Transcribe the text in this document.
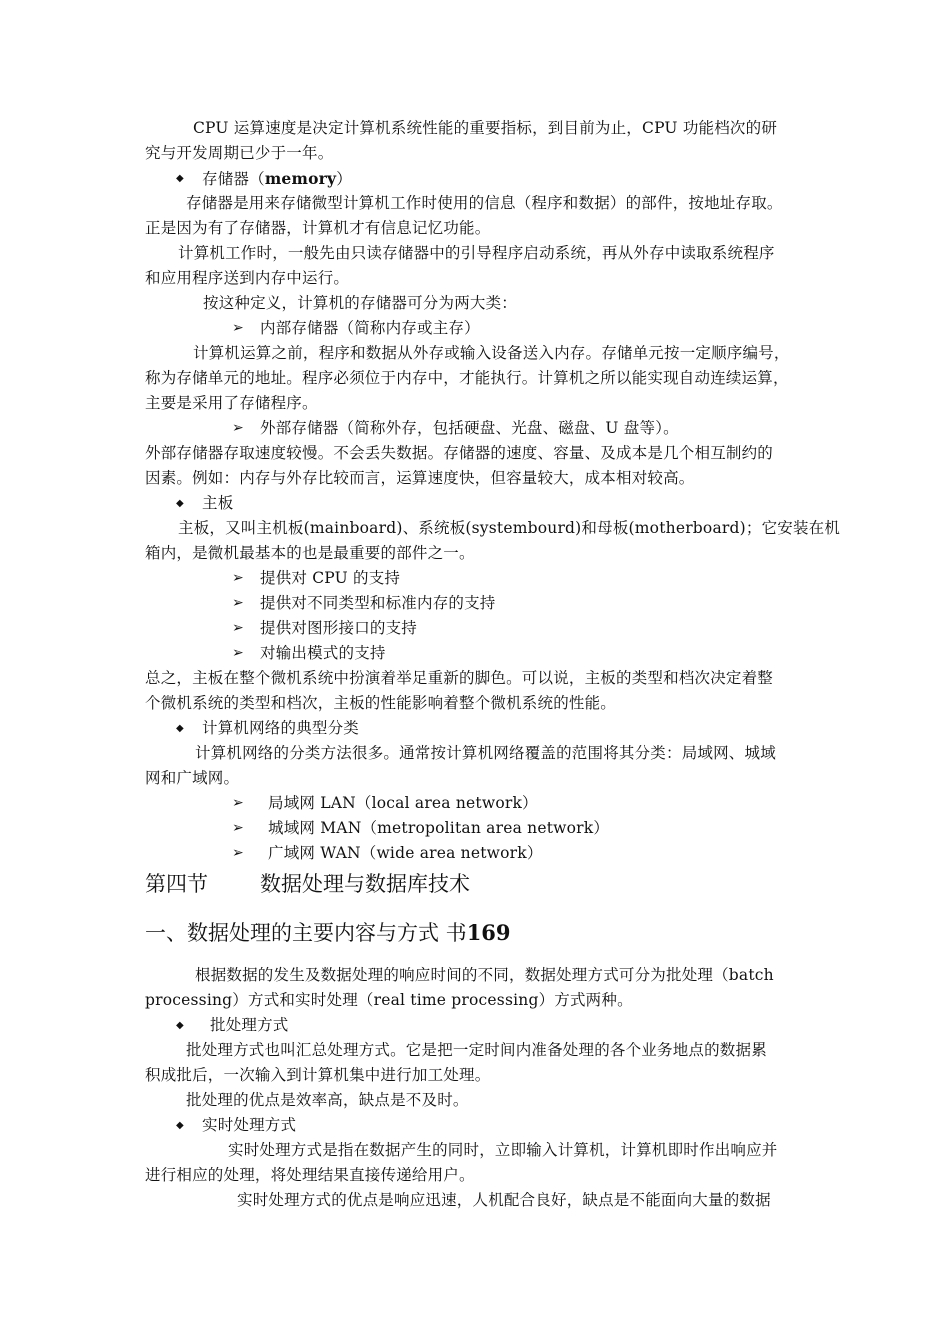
CPU 运算速度是决定计算机系统性能的重要指标，到目前为止，CPU 功能档次的研
究与开发周期已少于一年。
◆ 存储器（memory）
存储器是用来存储微型计算机工作时使用的信息（程序和数据）的部件，按地址存取。
正是因为有了存储器，计算机才有信息记忆功能。
计算机工作时，一般先由只读存储器中的引导程序启动系统，再从外存中读取系统程序
和应用程序送到内存中运行。
按这种定义，计算机的存储器可分为两大类：
➢ 内部存储器（简称内存或主存）
计算机运算之前，程序和数据从外存或输入设备送入内存。存储单元按一定顺序编号，
称为存储单元的地址。程序必须位于内存中，才能执行。计算机之所以能实现自动连续运算，
主要是采用了存储程序。
➢ 外部存储器（简称外存，包括硬盘、光盘、磁盘、U 盘等）。
外部存储器存取速度较慢。不会丢失数据。存储器的速度、容量、及成本是几个相互制约的
因素。例如：内存与外存比较而言，运算速度快，但容量较大，成本相对较高。
◆ 主板
主板，又叫主机板(mainboard)、系统板(systembourd)和母板(motherboard)；它安装在机
箱内，是微机最基本的也是最重要的部件之一。
➢ 提供对 CPU 的支持
➢ 提供对不同类型和标准内存的支持
➢ 提供对图形接口的支持
➢ 对输出模式的支持
总之，主板在整个微机系统中扮演着举足重新的脚色。可以说，主板的类型和档次决定着整
个微机系统的类型和档次，主板的性能影响着整个微机系统的性能。
◆ 计算机网络的典型分类
计算机网络的分类方法很多。通常按计算机网络覆盖的范围将其分类：局域网、城域
网和广域网。
➢ 局域网 LAN（local area network）
➢ 城域网 MAN（metropolitan area network）
➢ 广域网 WAN（wide area network）
第四节 数据处理与数据库技术
一、数据处理的主要内容与方式 书169
根据数据的发生及数据处理的响应时间的不同，数据处理方式可分为批处理（batch
processing）方式和实时处理（real time processing）方式两种。
◆ 批处理方式
批处理方式也叫汇总处理方式。它是把一定时间内准备处理的各个业务地点的数据累
积成批后，一次输入到计算机集中进行加工处理。
批处理的优点是效率高，缺点是不及时。
◆ 实时处理方式
实时处理方式是指在数据产生的同时，立即输入计算机，计算机即时作出响应并
进行相应的处理，将处理结果直接传递给用户。
实时处理方式的优点是响应迅速，人机配合良好，缺点是不能面向大量的数据
